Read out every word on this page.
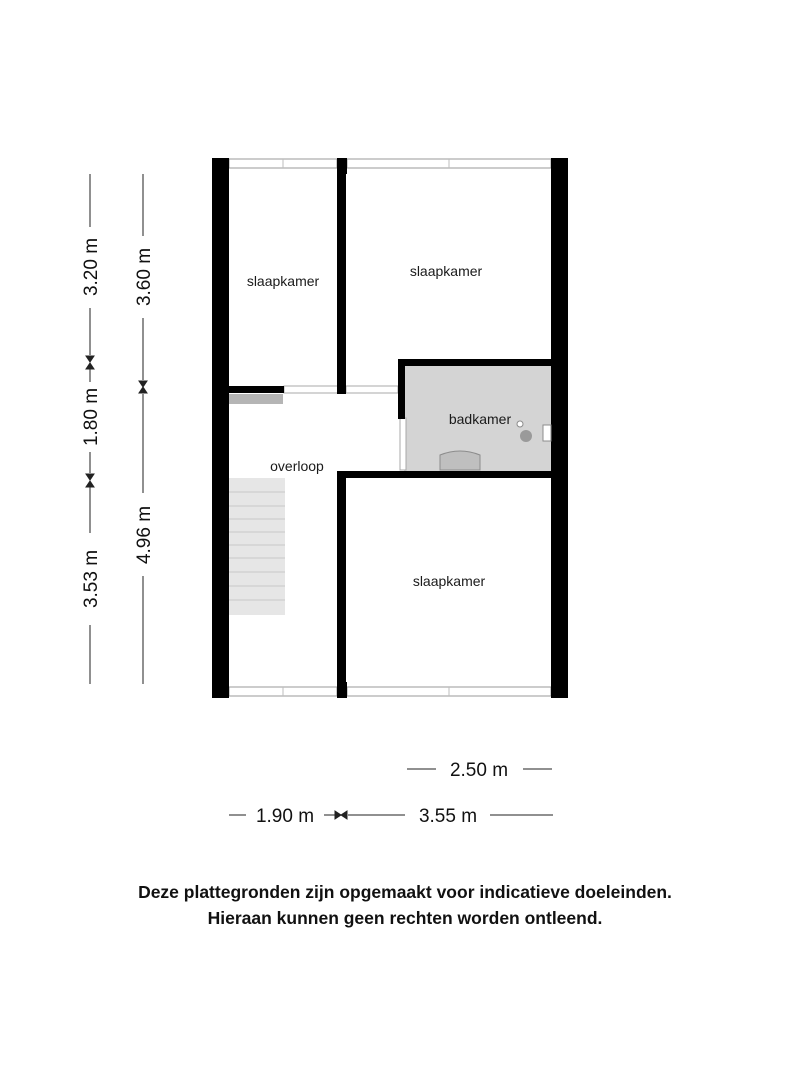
slaapkamer
slaapkamer
badkamer
overloop
slaapkamer
3.20 m
1.80 m
3.53 m
3.60 m
4.96 m
2.50 m
1.90 m	3.55 m
Deze plattegronden zijn opgemaakt voor indicatieve doeleinden.
Hieraan kunnen geen rechten worden ontleend.
